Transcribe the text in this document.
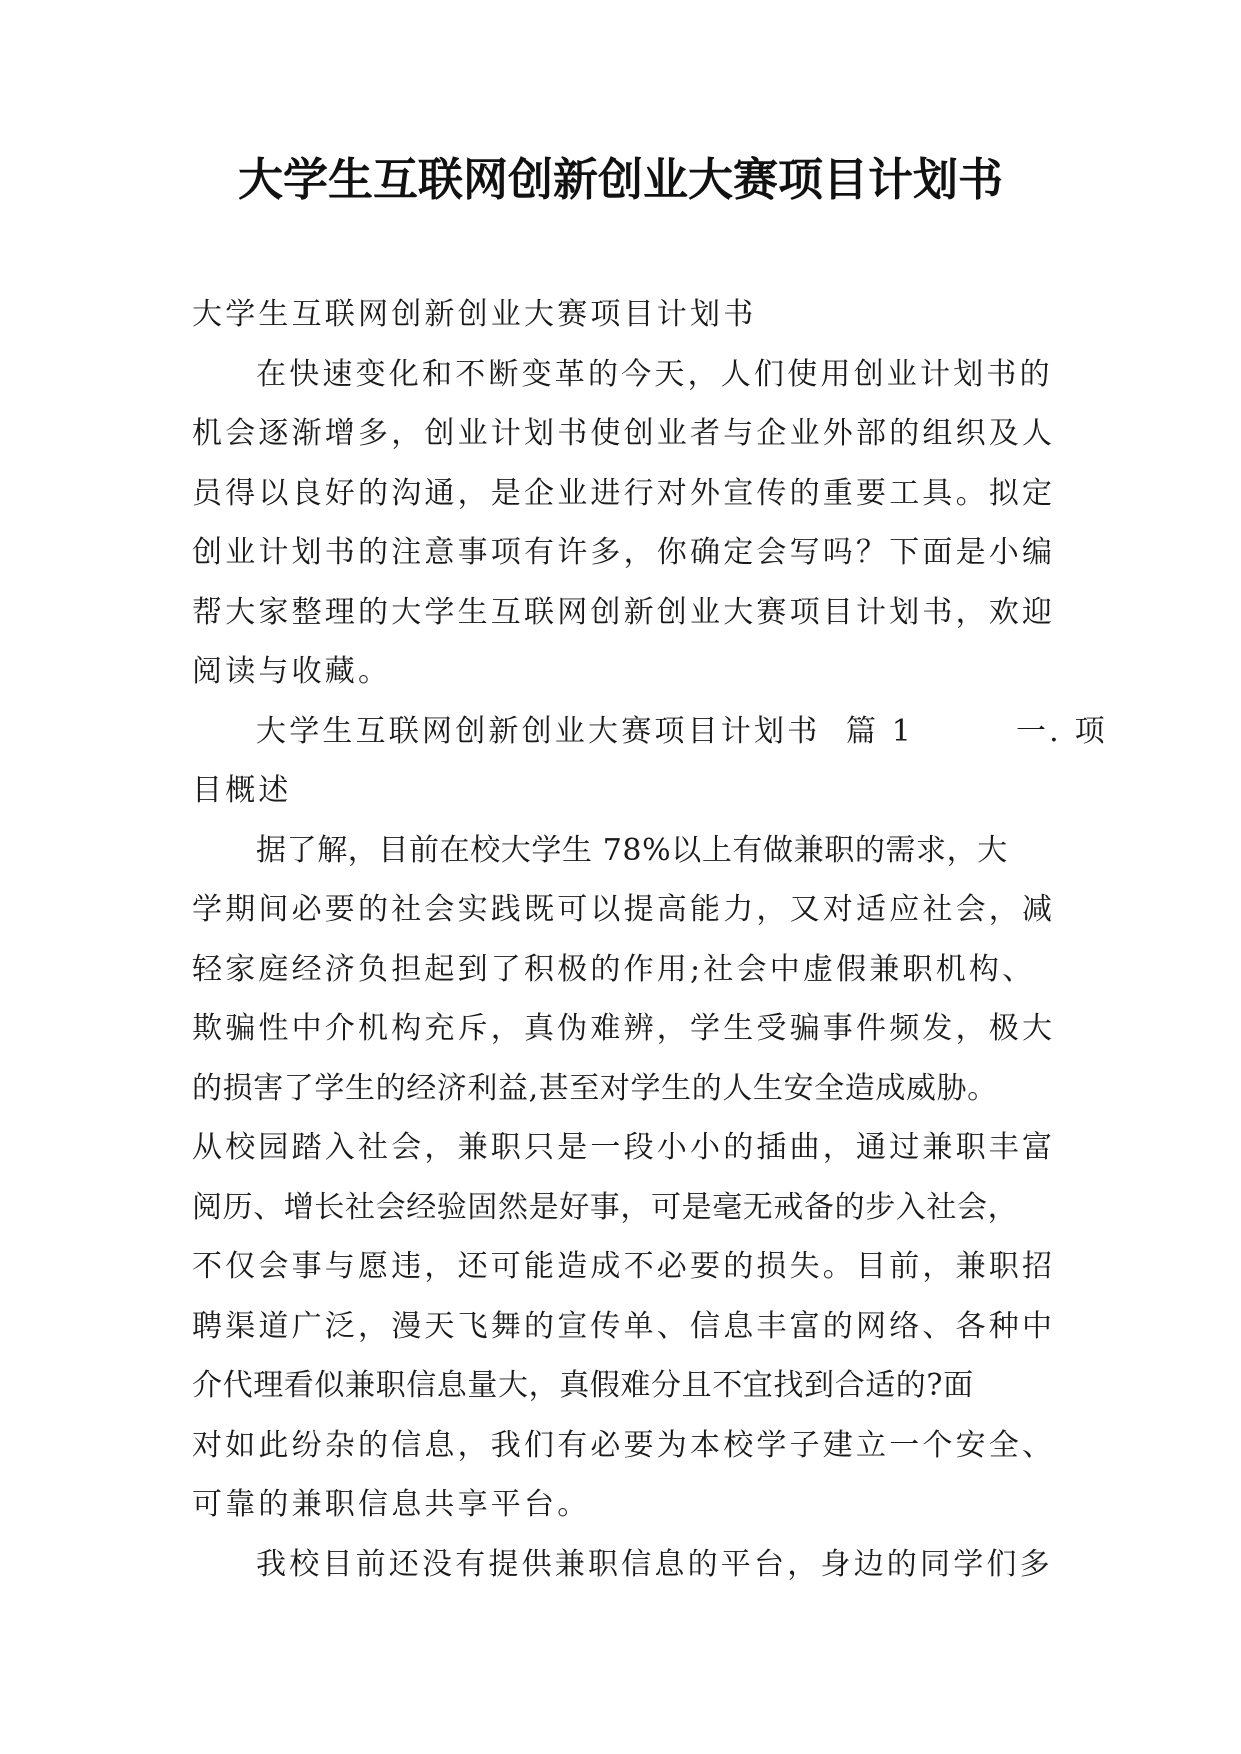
大学生互联网创新创业大赛项目计划书
大学生互联网创新创业大赛项目计划书
在快速变化和不断变革的今天，人们使用创业计划书的
机会逐渐增多，创业计划书使创业者与企业外部的组织及人
员得以良好的沟通，是企业进行对外宣传的重要工具。拟定
创业计划书的注意事项有许多，你确定会写吗？下面是小编
帮大家整理的大学生互联网创新创业大赛项目计划书，欢迎
阅读与收藏。
大学生互联网创新创业大赛项目计划书  篇 1        一. 项
目概述
据了解，目前在校大学生 78%以上有做兼职的需求，大
学期间必要的社会实践既可以提高能力，又对适应社会，减
轻家庭经济负担起到了积极的作用;社会中虚假兼职机构、
欺骗性中介机构充斥，真伪难辨，学生受骗事件频发，极大
的损害了学生的经济利益,甚至对学生的人生安全造成威胁。
从校园踏入社会，兼职只是一段小小的插曲，通过兼职丰富
阅历、增长社会经验固然是好事，可是毫无戒备的步入社会，
不仅会事与愿违，还可能造成不必要的损失。目前，兼职招
聘渠道广泛，漫天飞舞的宣传单、信息丰富的网络、各种中
介代理看似兼职信息量大，真假难分且不宜找到合适的?面
对如此纷杂的信息，我们有必要为本校学子建立一个安全、
可靠的兼职信息共享平台。
我校目前还没有提供兼职信息的平台，身边的同学们多
